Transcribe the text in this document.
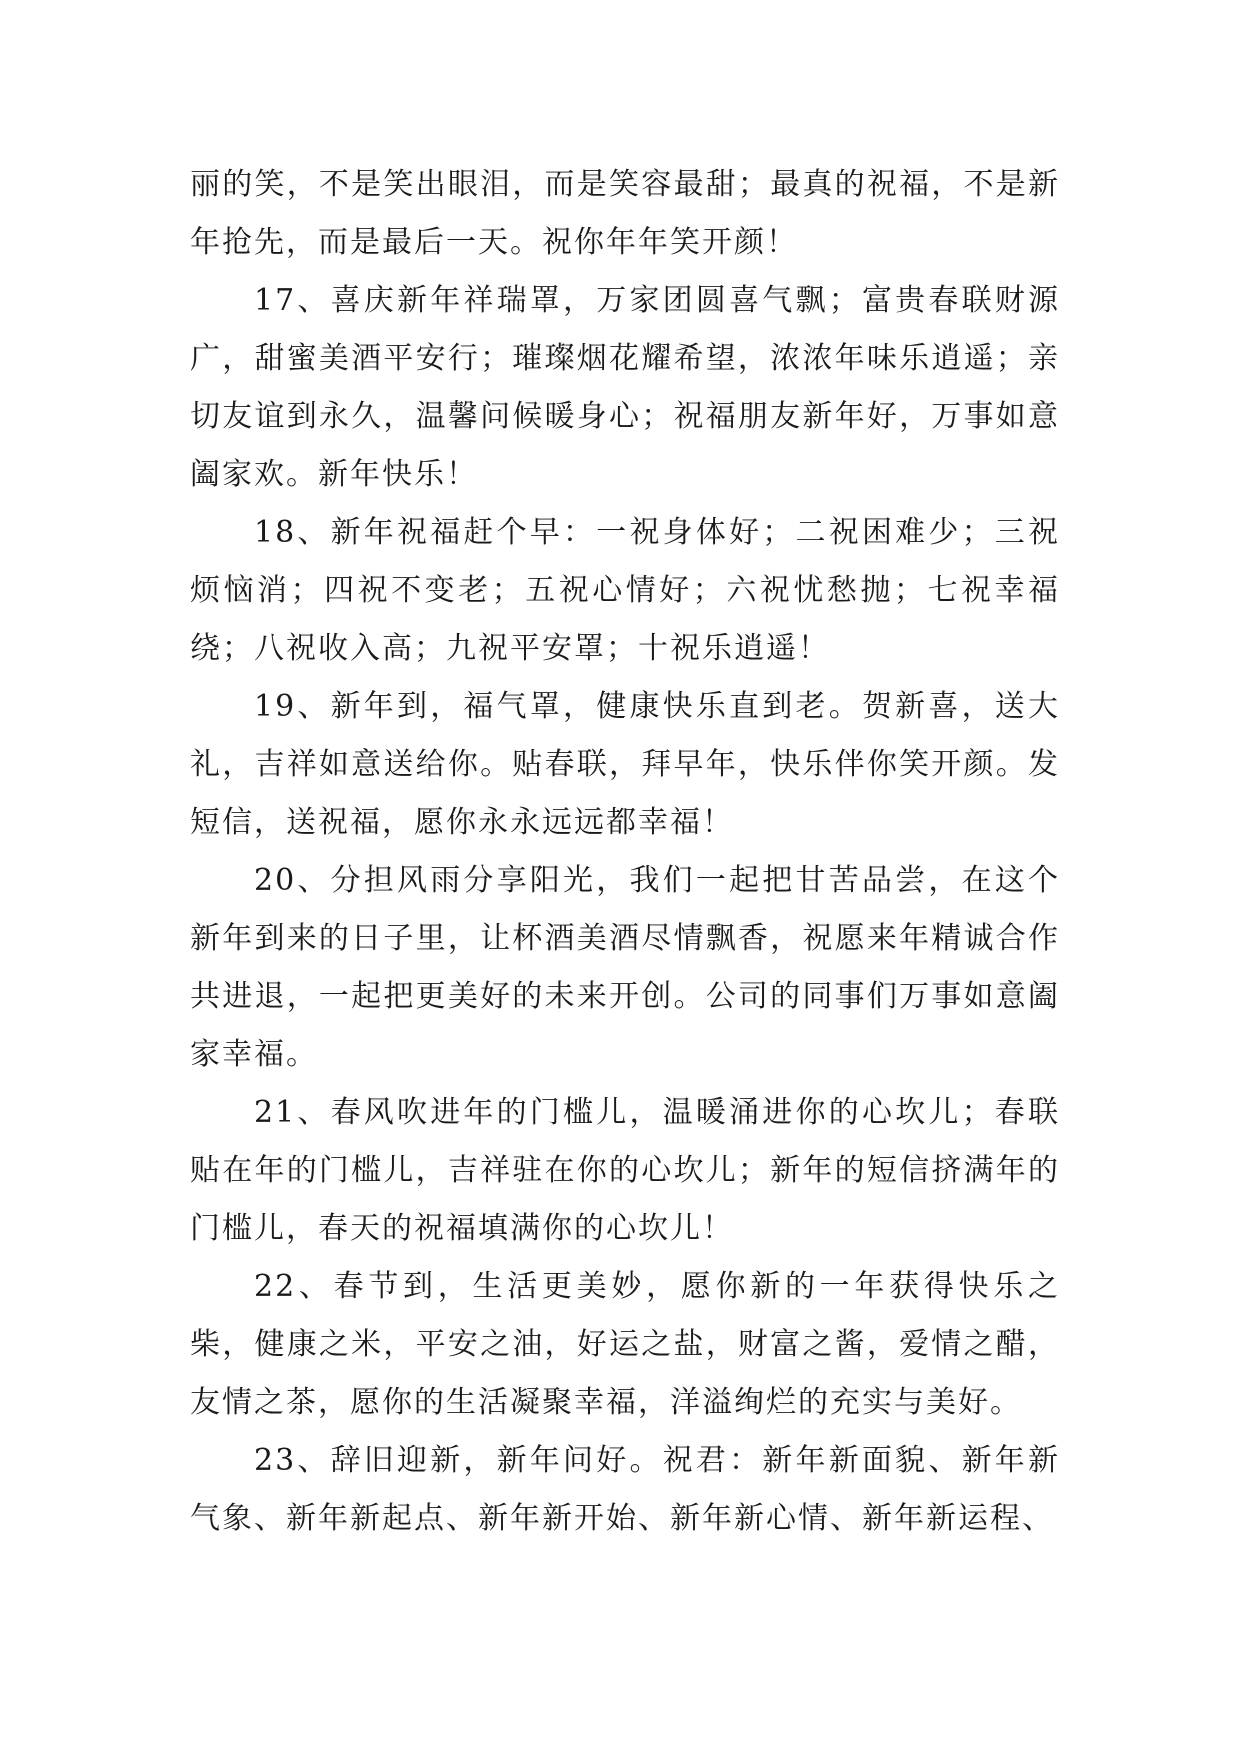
丽的笑，不是笑出眼泪，而是笑容最甜；最真的祝福，不是新年抢先，而是最后一天。祝你年年笑开颜！

17、喜庆新年祥瑞罩，万家团圆喜气飘；富贵春联财源广，甜蜜美酒平安行；璀璨烟花耀希望，浓浓年味乐逍遥；亲切友谊到永久，温馨问候暖身心；祝福朋友新年好，万事如意阖家欢。新年快乐！

18、新年祝福赶个早：一祝身体好；二祝困难少；三祝烦恼消；四祝不变老；五祝心情好；六祝忧愁抛；七祝幸福绕；八祝收入高；九祝平安罩；十祝乐逍遥！

19、新年到，福气罩，健康快乐直到老。贺新喜，送大礼，吉祥如意送给你。贴春联，拜早年，快乐伴你笑开颜。发短信，送祝福，愿你永永远远都幸福！

20、分担风雨分享阳光，我们一起把甘苦品尝，在这个新年到来的日子里，让杯酒美酒尽情飘香，祝愿来年精诚合作共进退，一起把更美好的未来开创。公司的同事们万事如意阖家幸福。

21、春风吹进年的门槛儿，温暖涌进你的心坎儿；春联贴在年的门槛儿，吉祥驻在你的心坎儿；新年的短信挤满年的门槛儿，春天的祝福填满你的心坎儿！

22、春节到，生活更美妙，愿你新的一年获得快乐之柴，健康之米，平安之油，好运之盐，财富之酱，爱情之醋，友情之茶，愿你的生活凝聚幸福，洋溢绚烂的充实与美好。

23、辞旧迎新，新年问好。祝君：新年新面貌、新年新气象、新年新起点、新年新开始、新年新心情、新年新运程、
